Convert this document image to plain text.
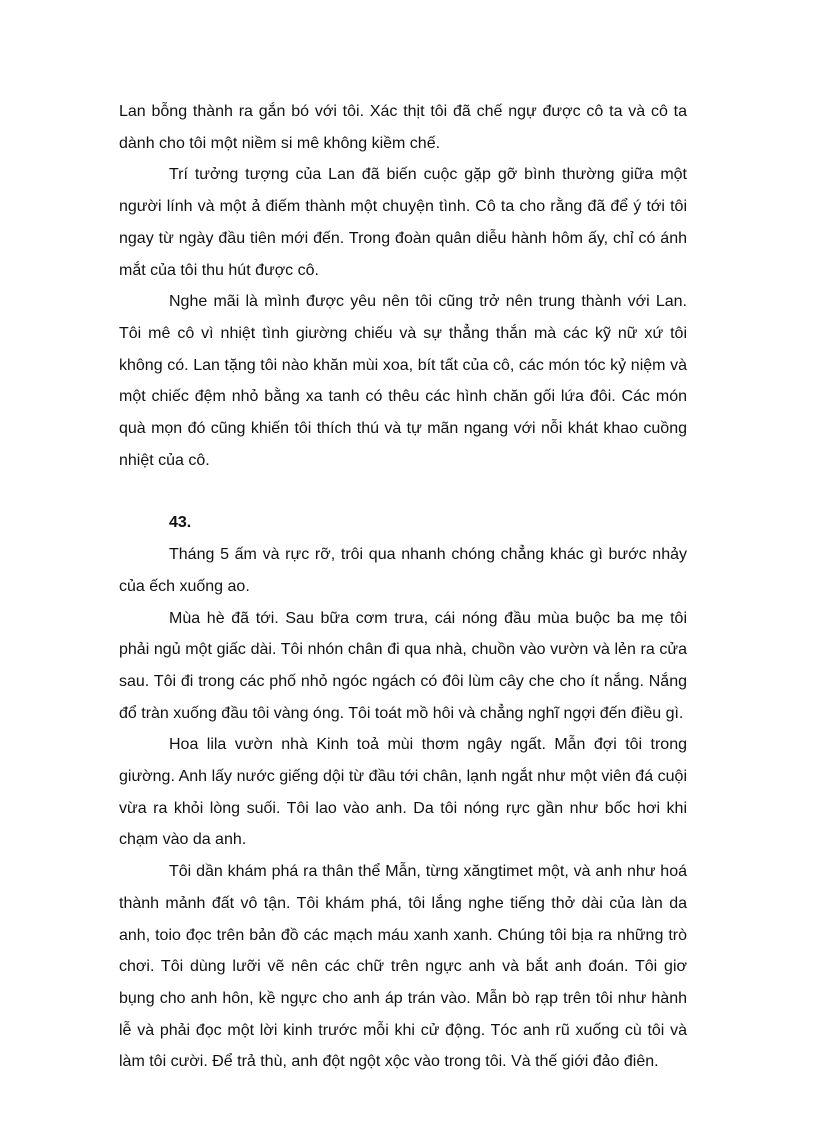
Lan bỗng thành ra gắn bó với tôi. Xác thịt tôi đã chế ngự được cô ta và cô ta dành cho tôi một niềm si mê không kiềm chế.

Trí tưởng tượng của Lan đã biến cuộc gặp gỡ bình thường giữa một người lính và một ả điếm thành một chuyện tình. Cô ta cho rằng đã để ý tới tôi ngay từ ngày đầu tiên mới đến. Trong đoàn quân diễu hành hôm ấy, chỉ có ánh mắt của tôi thu hút được cô.

Nghe mãi là mình được yêu nên tôi cũng trở nên trung thành với Lan. Tôi mê cô vì nhiệt tình giường chiếu và sự thẳng thắn mà các kỹ nữ xứ tôi không có. Lan tặng tôi nào khăn mùi xoa, bít tất của cô, các món tóc kỷ niệm và một chiếc đệm nhỏ bằng xa tanh có thêu các hình chăn gối lứa đôi. Các món quà mọn đó cũng khiến tôi thích thú và tự mãn ngang với nỗi khát khao cuồng nhiệt của cô.

43.

Tháng 5 ấm và rực rỡ, trôi qua nhanh chóng chẳng khác gì bước nhảy của ếch xuống ao.

Mùa hè đã tới. Sau bữa cơm trưa, cái nóng đầu mùa buộc ba mẹ tôi phải ngủ một giấc dài. Tôi nhón chân đi qua nhà, chuồn vào vườn và lẻn ra cửa sau. Tôi đi trong các phố nhỏ ngóc ngách có đôi lùm cây che cho ít nắng. Nắng đổ tràn xuống đầu tôi vàng óng. Tôi toát mồ hôi và chẳng nghĩ ngợi đến điều gì.

Hoa lila vườn nhà Kinh toả mùi thơm ngây ngất. Mẫn đợi tôi trong giường. Anh lấy nước giếng dội từ đầu tới chân, lạnh ngắt như một viên đá cuội vừa ra khỏi lòng suối. Tôi lao vào anh. Da tôi nóng rực gần như bốc hơi khi chạm vào da anh.

Tôi dần khám phá ra thân thể Mẫn, từng xăngtimet một, và anh như hoá thành mảnh đất vô tận. Tôi khám phá, tôi lắng nghe tiếng thở dài của làn da anh, toio đọc trên bản đồ các mạch máu xanh xanh. Chúng tôi bịa ra những trò chơi. Tôi dùng lưỡi vẽ nên các chữ trên ngực anh và bắt anh đoán. Tôi giơ bụng cho anh hôn, kề ngực cho anh áp trán vào. Mẫn bò rạp trên tôi như hành lễ và phải đọc một lời kinh trước mỗi khi cử động. Tóc anh rũ xuống cù tôi và làm tôi cười. Để trả thù, anh đột ngột xộc vào trong tôi. Và thế giới đảo điên.
